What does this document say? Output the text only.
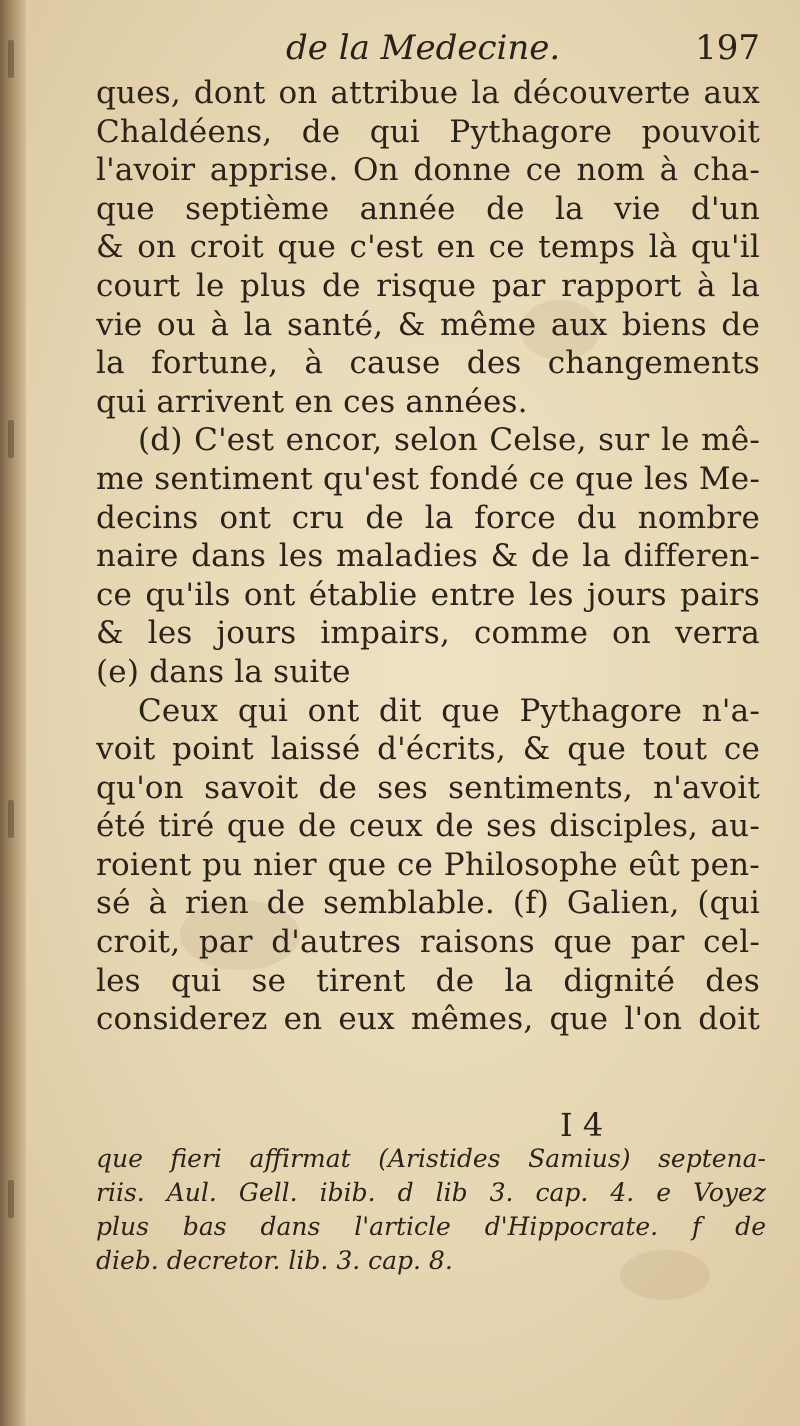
de la Medecine.	197
ques, dont on attribue la découverte aux
Chaldéens, de qui Pythagore pouvoit
l'avoir apprise. On donne ce nom à cha-
que septième année de la vie d'un
& on croit que c'est en ce temps là qu'il
court le plus de risque par rapport à la
vie ou à la santé, & même aux biens de
la fortune, à cause des changements
qui arrivent en ces années.
(d) C'est encor, selon Celse, sur le mê-
me sentiment qu'est fondé ce que les Me-
decins ont cru de la force du nombre
naire dans les maladies & de la differen-
ce qu'ils ont établie entre les jours pairs
& les jours impairs, comme on verra
(e) dans la suite
Ceux qui ont dit que Pythagore n'a-
voit point laissé d'écrits, & que tout ce
qu'on savoit de ses sentiments, n'avoit
été tiré que de ceux de ses disciples, au-
roient pu nier que ce Philosophe eût pen-
sé à rien de semblable. (f) Galien, (qui
croit, par d'autres raisons que par cel-
les qui se tirent de la dignité des
considerez en eux mêmes, que l'on doit
I 4
que fieri affirmat (Aristides Samius) septena-
riis. Aul. Gell. ibib. d lib 3. cap. 4. e Voyez
plus bas dans l'article d'Hippocrate. f de
dieb. decretor. lib. 3. cap. 8.
